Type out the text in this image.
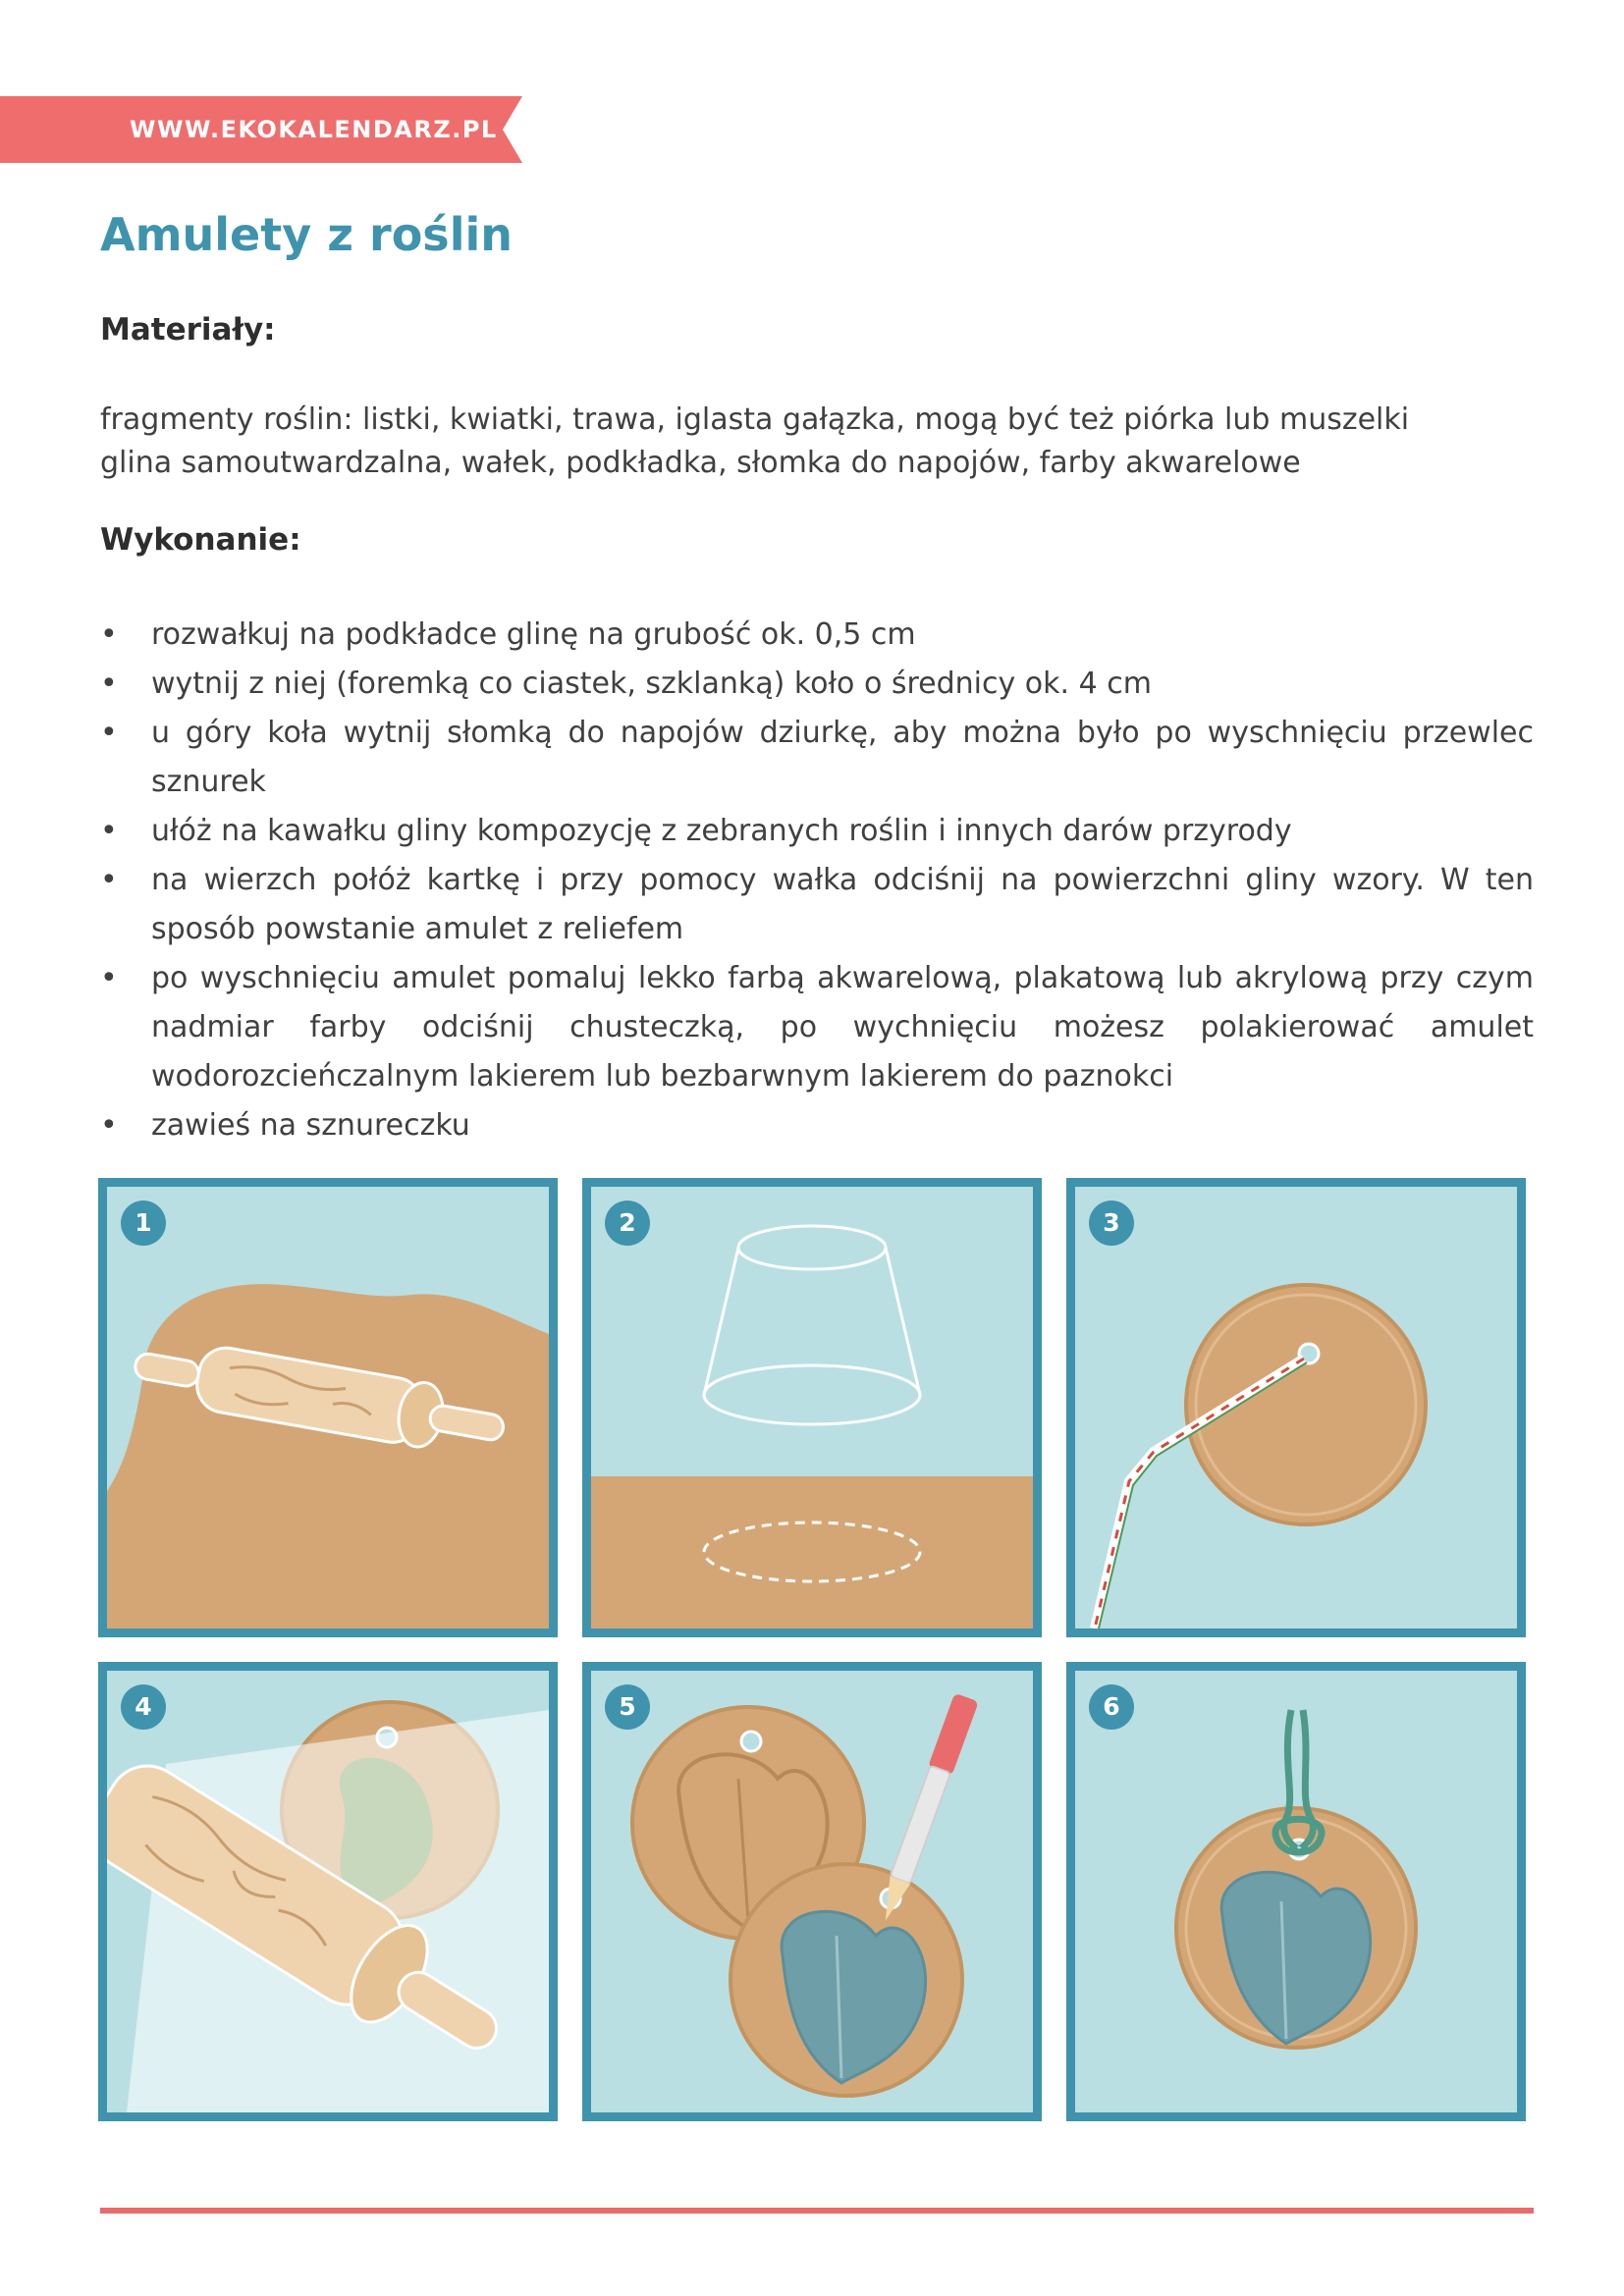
WWW.EKOKALENDARZ.PL
Amulety z roślin
Materiały:
fragmenty roślin: listki, kwiatki, trawa, iglasta gałązka, mogą być też piórka lub muszelki
glina samoutwardzalna, wałek, podkładka, słomka do napojów, farby akwarelowe
Wykonanie:
• rozwałkuj na podkładce glinę na grubość ok. 0,5 cm
• wytnij z niej (foremką co ciastek, szklanką) koło o średnicy ok. 4 cm
• u góry koła wytnij słomką do napojów dziurkę, aby można było po wyschnięciu przewlec sznurek
• ułóż na kawałku gliny kompozycję z zebranych roślin i innych darów przyrody
• na wierzch połóż kartkę i przy pomocy wałka odciśnij na powierzchni gliny wzory. W ten sposób powstanie amulet z reliefem
• po wyschnięciu amulet pomaluj lekko farbą akwarelową, plakatową lub akrylową przy czym nadmiar farby odciśnij chusteczką, po wychnięciu możesz polakierować amulet wodorozcieńczalnym lakierem lub bezbarwnym lakierem do paznokci
• zawieś na sznureczku
1	2	3
4	5	6
